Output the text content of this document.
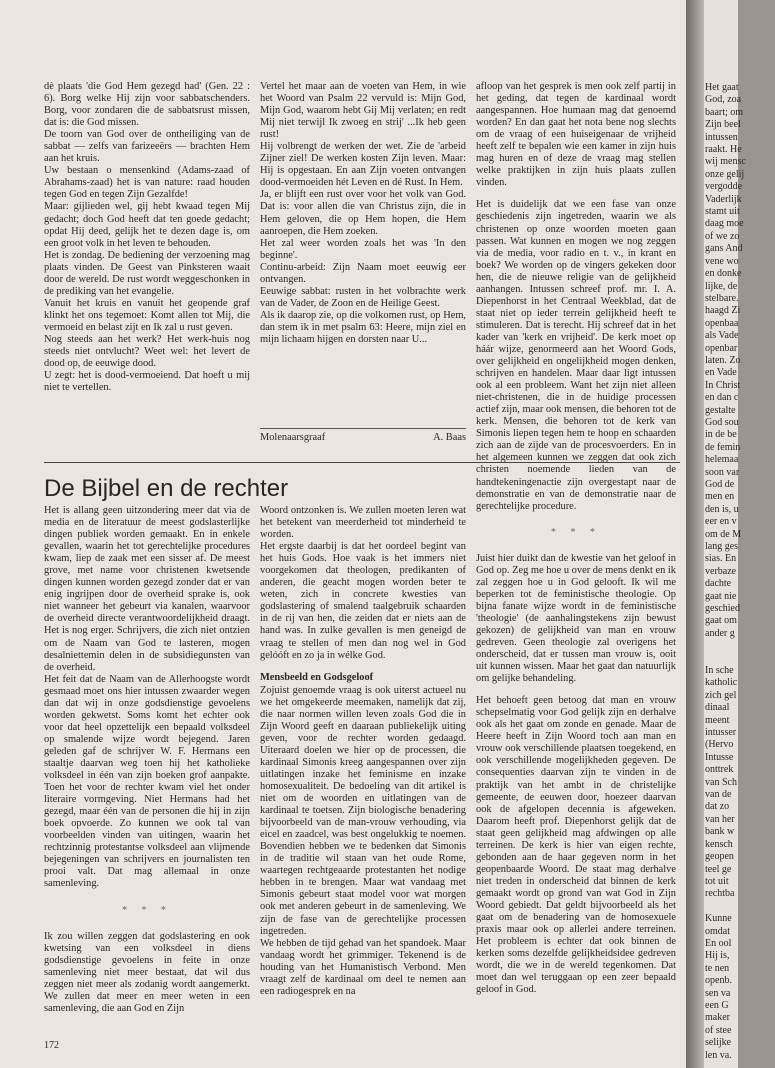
dè plaats 'die God Hem gezegd had' (Gen. 22 : 6). Borg welke Hij zijn voor sabbatschenders. Borg, voor zondaren die de sabbatsrust missen, dat is: die God missen.

De toorn van God over de ontheiliging van de sabbat — zelfs van farizeeërs — brachten Hem aan het kruis.

Uw bestaan o mensenkind (Adams-zaad of Abrahams-zaad) het is van nature: raad houden tegen God en tegen Zijn Gezalfde!

Maar: gijlieden wel, gij hebt kwaad tegen Mij gedacht; doch God heeft dat ten goede gedacht; opdat Hij deed, gelijk het te dezen dage is, om een groot volk in het leven te behouden.

Het is zondag. De bediening der verzoening mag plaats vinden. De Geest van Pinksteren waait door de wereld. De rust wordt weggeschonken in de prediking van het evangelie.

Vanuit het kruis en vanuit het geopende graf klinkt het ons tegemoet: Komt allen tot Mij, die vermoeid en belast zijt en Ik zal u rust geven.

Nog steeds aan het werk? Het werk-huis nog steeds niet ontvlucht? Weet wel: het levert de dood op, de eeuwige dood.

U zegt: het is dood-vermoeiend. Dat hoeft u mij niet te vertellen.

Vertel het maar aan de voeten van Hem, in wie het Woord van Psalm 22 vervuld is: Mijn God, Mijn God, waarom hebt Gij Mij verlaten; en redt Mij niet terwijl Ik zwoeg en strij' ...Ik heb geen rust!

Hij volbrengt de werken der wet. Zie de 'arbeid Zijner ziel! De werken kosten Zijn leven. Maar: Hij is opgestaan. En aan Zijn voeten ontvangen dood-vermoeiden hét Leven en dé Rust. In Hem.

Ja, er blijft een rust over voor het volk van God. Dat is: voor allen die van Christus zijn, die in Hem geloven, die op Hem hopen, die Hem aanroepen, die Hem zoeken.

Het zal weer worden zoals het was 'In den beginne'.

Continu-arbeid: Zijn Naam moet eeuwig eer ontvangen.

Eeuwige sabbat: rusten in het volbrachte werk van de Vader, de Zoon en de Heilige Geest.

Als ik daarop zie, op die volkomen rust, op Hem, dan stem ik in met psalm 63: Heere, mijn ziel en mijn lichaam hijgen en dorsten naar U...

Molenaarsgraaf	A. Baas

afloop van het gesprek is men ook zelf partij in het geding, dat tegen de kardinaal wordt aangespannen. Hoe humaan mag dat genoemd worden? En dan gaat het nota bene nog slechts om de vraag of een huiseigenaar de vrijheid heeft zelf te bepalen wie een kamer in zijn huis mag huren en of deze de vraag mag stellen welke praktijken in zijn huis plaats zullen vinden.

Het is duidelijk dat we een fase van onze geschiedenis zijn ingetreden, waarin we als christenen op onze woorden moeten gaan passen. Wat kunnen en mogen we nog zeggen via de media, voor radio en t. v., in krant en boek? We worden op de vingers gekeken door hen, die de nieuwe religie van de gelijkheid aanhangen. Intussen schreef prof. mr. I. A. Diepenhorst in het Centraal Weekblad, dat de staat niet op ieder terrein gelijkheid heeft te stimuleren. Dat is terecht. Hij schreef dat in het kader van 'kerk en vrijheid'. De kerk moet op háár wijze, genormeerd aan het Woord Gods, over gelijkheid en ongelijkheid mogen denken, schrijven en handelen. Maar daar ligt intussen ook al een probleem. Want het zijn niet alleen niet-christenen, die in de huidige processen actief zijn, maar ook mensen, die behoren tot de kerk. Mensen, die behoren tot de kerk van Simonis liepen tegen hem te hoop en schaarden zich aan de zijde van de procesvoerders. En in het algemeen kunnen we zeggen dat ook zich christen noemende lieden van de handtekeningenactie zijn overgestapt naar de demonstratie en van de demonstratie naar de gerechtelijke procedure.

* * *

Juist hier duikt dan de kwestie van het geloof in God op. Zeg me hoe u over de mens denkt en ik zal zeggen hoe u in God gelooft. Ik wil me beperken tot de feministische theologie. Op bijna fanate wijze wordt in de feministische 'theologie' (de aanhalingstekens zijn bewust gekozen) de gelijkheid van man en vrouw gedreven. Geen theologie zal overigens het onderscheid, dat er tussen man vrouw is, ooit uit kunnen wissen. Maar het gaat dan natuurlijk om gelijke behandeling.

Het behoeft geen betoog dat man en vrouw schepselmatig voor God gelijk zijn en derhalve ook als het gaat om zonde en genade. Maar de Heere heeft in Zijn Woord toch aan man en vrouw ook verschillende plaatsen toegekend, en ook verschillende mogelijkheden gegeven. De consequenties daarvan zijn te vinden in de praktijk van het ambt in de christelijke gemeente, de eeuwen door, hoezeer daarvan ook de afgelopen decennia is afgeweken. Daarom heeft prof. Diepenhorst gelijk dat de staat geen gelijkheid mag afdwingen op alle terreinen. De kerk is hier van eigen rechte, gebonden aan de haar gegeven norm in het geopenbaarde Woord. De staat mag derhalve niet treden in onderscheid dat binnen de kerk gemaakt wordt op grond van wat God in Zijn Woord gebiedt. Dat geldt bijvoorbeeld als het gaat om de benadering van de homosexuele praxis maar ook op allerlei andere terreinen. Het probleem is echter dat ook binnen de kerken soms dezelfde gelijkheidsidee gedreven wordt, die we in de wereld tegenkomen. Dat moet dan wel teruggaan op een zeer bepaald geloof in God.

De Bijbel en de rechter

Het is allang geen uitzondering meer dat via de media en de literatuur de meest godslasterlijke dingen publiek worden gemaakt. En in enkele gevallen, waarin het tot gerechtelijke procedures kwam, liep de zaak met een sisser af. De meest grove, met name voor christenen kwetsende dingen kunnen worden gezegd zonder dat er van enig ingrijpen door de overheid sprake is, ook niet wanneer het gebeurt via kanalen, waarvoor de overheid directe verantwoordelijkheid draagt. Het is nog erger. Schrijvers, die zich niet ontzien om de Naam van God te lasteren, mogen desalniettemin delen in de subsidiegunsten van de overheid.

Het feit dat de Naam van de Allerhoogste wordt gesmaad moet ons hier intussen zwaarder wegen dan dat wij in onze godsdienstige gevoelens worden gekwetst. Soms komt het echter ook voor dat heel opzettelijk een bepaald volksdeel op smalende wijze wordt bejegend. Jaren geleden gaf de schrijver W. F. Hermans een staaltje daarvan weg toen hij het katholieke volksdeel in één van zijn boeken grof aanpakte. Toen het voor de rechter kwam viel het onder literaire vormgeving. Niet Hermans had het gezegd, maar één van de personen die hij in zijn boek opvoerde. Zo kunnen we ook tal van voorbeelden vinden van uitingen, waarin het rechtzinnig protestantse volksdeel aan vlijmende bejegeningen van schrijvers en journalisten ten prooi valt. Dat mag allemaal in onze samenleving.

* * *

Ik zou willen zeggen dat godslastering en ook kwetsing van een volksdeel in diens godsdienstige gevoelens in feite in onze samenleving niet meer bestaat, dat wil dus zeggen niet meer als zodanig wordt aangemerkt. We zullen dat meer en meer weten in een samenleving, die aan God en Zijn

Woord ontzonken is. We zullen moeten leren wat het betekent van meerderheid tot minderheid te worden.

Het ergste daarbij is dat het oordeel begint van het huis Gods. Hoe vaak is het immers niet voorgekomen dat theologen, predikanten of anderen, die geacht mogen worden beter te weten, zich in concrete kwesties van godslastering of smalend taalgebruik schaarden in de rij van hen, die zeiden dat er niets aan de hand was. In zulke gevallen is men geneigd de vraag te stellen of men dan nog wel in God gelóóft en zo ja in wélke God.

Mensbeeld en Godsgeloof

Zojuist genoemde vraag is ook uiterst actueel nu we het omgekeerde meemaken, namelijk dat zij, die naar normen willen leven zoals God die in Zijn Woord geeft en daaraan publiekelijk uiting geven, voor de rechter worden gedaagd. Uiteraard doelen we hier op de processen, die kardinaal Simonis kreeg aangespannen over zijn uitlatingen inzake het feminisme en inzake homosexualiteit. De bedoeling van dit artikel is niet om de woorden en uitlatingen van de kardinaal te toetsen. Zijn biologische benadering bijvoorbeeld van de man-vrouw verhouding, via eicel en zaadcel, was best ongelukkig te noemen. Bovendien hebben we te bedenken dat Simonis in de traditie wil staan van het oude Rome, waartegen rechtgeaarde protestanten het nodige hebben in te brengen. Maar wat vandaag met Simonis gebeurt staat model voor wat morgen ook met anderen gebeurt in de samenleving. We zijn de fase van de gerechtelijke processen ingetreden.

We hebben de tijd gehad van het spandoek. Maar vandaag wordt het grimmiger. Tekenend is de houding van het Humanistisch Verbond. Men vraagt zelf de kardinaal om deel te nemen aan een radiogesprek en na

172

Het gaat

God, zoa

baart; om

Zijn beel

intussen

raakt. He

wij mensc

onze gelij

vergodde

Vaderlijk

stamt uit

daag moe

of we zo

gans And

vene wo

en donke

lijke, de

stelbare.

haagd Zi

openbaa

als Vade

openbar

laten. Zo

en Vade

In Christ

en dan c

gestalte

God sou

in de be

de femin

helemaa

soon var

God de

men en

den is, u

eer en v

om de M

lang ges

sias. En

verbaze

dachte

gaat nie

geschied

gaat om

ander g

In sche

katholic

zich gel

dinaal

meent

intusser

(Hervo

Intusse

onttrek

van Sch

van de

dat zo

van her

bank w

kensch

geopen

teel ge

tot uit

rechtba

Kunne

omdat

En ool

Hij is,

te nen

openb.

sen va

een G

maker

of stee

selijke

len va.
